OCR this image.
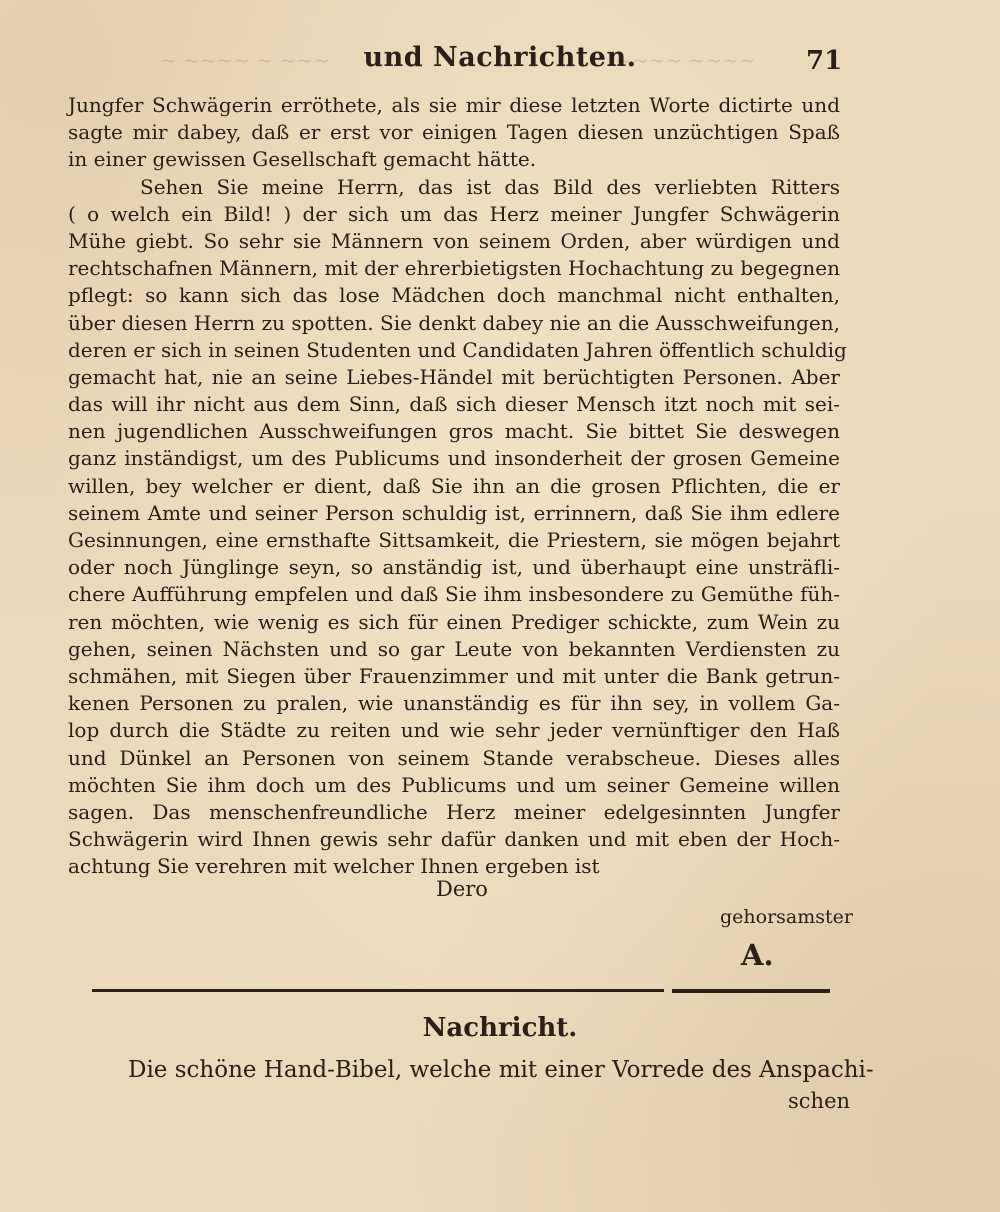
~ ~~~~ ~ ~~~	~~~~ ~~~~
und Nachrichten.	71
Jungfer Schwägerin erröthete, als sie mir diese letzten Worte dictirte und
sagte mir dabey, daß er erst vor einigen Tagen diesen unzüchtigen Spaß
in einer gewissen Gesellschaft gemacht hätte.
Sehen Sie meine Herrn, das ist das Bild des verliebten Ritters
( o welch ein Bild! ) der sich um das Herz meiner Jungfer Schwägerin
Mühe giebt. So sehr sie Männern von seinem Orden, aber würdigen und
rechtschafnen Männern, mit der ehrerbietigsten Hochachtung zu begegnen
pflegt: so kann sich das lose Mädchen doch manchmal nicht enthalten,
über diesen Herrn zu spotten. Sie denkt dabey nie an die Ausschweifungen,
deren er sich in seinen Studenten und Candidaten Jahren öffentlich schuldig
gemacht hat, nie an seine Liebes-Händel mit berüchtigten Personen. Aber
das will ihr nicht aus dem Sinn, daß sich dieser Mensch itzt noch mit sei-
nen jugendlichen Ausschweifungen gros macht. Sie bittet Sie deswegen
ganz inständigst, um des Publicums und insonderheit der grosen Gemeine
willen, bey welcher er dient, daß Sie ihn an die grosen Pflichten, die er
seinem Amte und seiner Person schuldig ist, errinnern, daß Sie ihm edlere
Gesinnungen, eine ernsthafte Sittsamkeit, die Priestern, sie mögen bejahrt
oder noch Jünglinge seyn, so anständig ist, und überhaupt eine unsträfli-
chere Aufführung empfelen und daß Sie ihm insbesondere zu Gemüthe füh-
ren möchten, wie wenig es sich für einen Prediger schickte, zum Wein zu
gehen, seinen Nächsten und so gar Leute von bekannten Verdiensten zu
schmähen, mit Siegen über Frauenzimmer und mit unter die Bank getrun-
kenen Personen zu pralen, wie unanständig es für ihn sey, in vollem Ga-
lop durch die Städte zu reiten und wie sehr jeder vernünftiger den Haß
und Dünkel an Personen von seinem Stande verabscheue. Dieses alles
möchten Sie ihm doch um des Publicums und um seiner Gemeine willen
sagen. Das menschenfreundliche Herz meiner edelgesinnten Jungfer
Schwägerin wird Ihnen gewis sehr dafür danken und mit eben der Hoch-
achtung Sie verehren mit welcher Ihnen ergeben ist
Dero
gehorsamster
A.
Nachricht.
Die schöne Hand-Bibel, welche mit einer Vorrede des Anspachi-
schen
